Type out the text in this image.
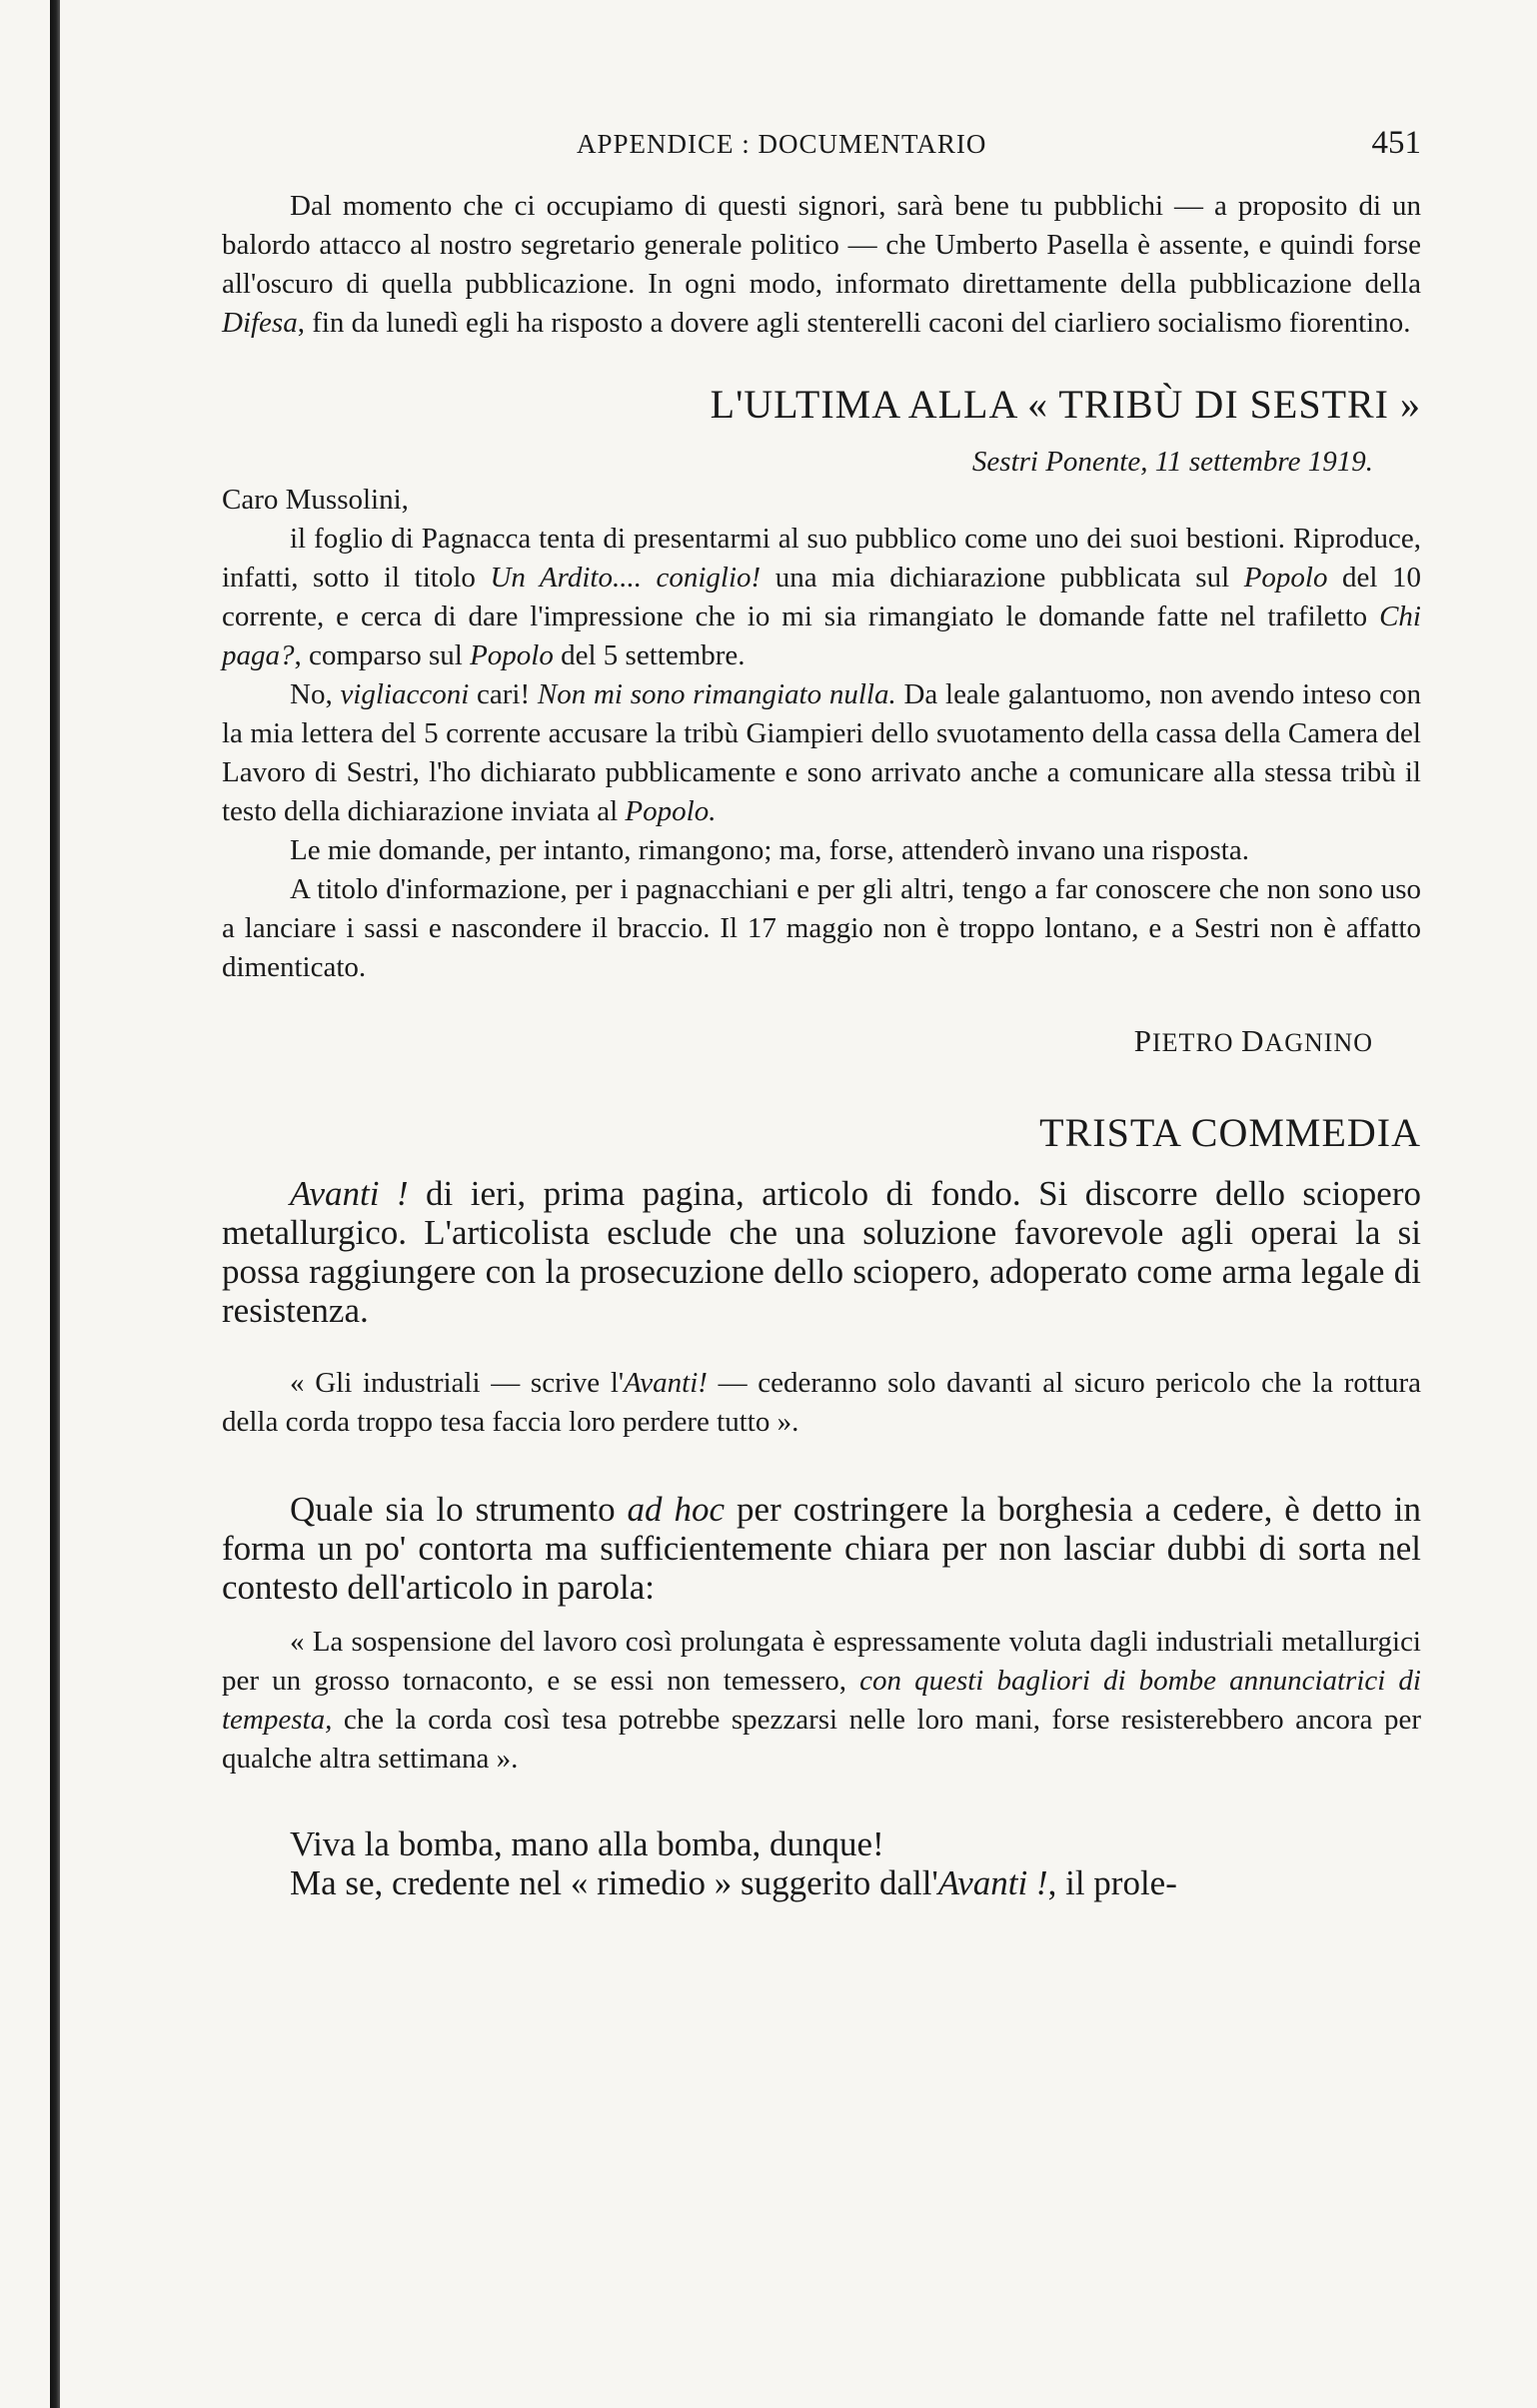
APPENDICE : DOCUMENTARIO	451

Dal momento che ci occupiamo di questi signori, sarà bene tu pubblichi — a proposito di un balordo attacco al nostro segretario generale politico — che Umberto Pasella è assente, e quindi forse all'oscuro di quella pubblicazione. In ogni modo, informato direttamente della pubblicazione della Difesa, fin da lunedì egli ha risposto a dovere agli stenterelli caconi del ciarliero socialismo fiorentino.

L'ULTIMA ALLA « TRIBÙ DI SESTRI »
Sestri Ponente, 11 settembre 1919.
Caro Mussolini,

il foglio di Pagnacca tenta di presentarmi al suo pubblico come uno dei suoi bestioni. Riproduce, infatti, sotto il titolo Un Ardito.... coniglio! una mia dichiarazione pubblicata sul Popolo del 10 corrente, e cerca di dare l'impressione che io mi sia rimangiato le domande fatte nel trafiletto Chi paga?, comparso sul Popolo del 5 settembre.

No, vigliacconi cari! Non mi sono rimangiato nulla. Da leale galantuomo, non avendo inteso con la mia lettera del 5 corrente accusare la tribù Giampieri dello svuotamento della cassa della Camera del Lavoro di Sestri, l'ho dichiarato pubblicamente e sono arrivato anche a comunicare alla stessa tribù il testo della dichiarazione inviata al Popolo.

Le mie domande, per intanto, rimangono; ma, forse, attenderò invano una risposta.

A titolo d'informazione, per i pagnacchiani e per gli altri, tengo a far conoscere che non sono uso a lanciare i sassi e nascondere il braccio. Il 17 maggio non è troppo lontano, e a Sestri non è affatto dimenticato.

PIETRO DAGNINO
TRISTA COMMEDIA

Avanti ! di ieri, prima pagina, articolo di fondo. Si discorre dello sciopero metallurgico. L'articolista esclude che una soluzione favorevole agli operai la si possa raggiungere con la prosecuzione dello sciopero, adoperato come arma legale di resistenza.

« Gli industriali — scrive l'Avanti! — cederanno solo davanti al sicuro pericolo che la rottura della corda troppo tesa faccia loro perdere tutto ».

Quale sia lo strumento ad hoc per costringere la borghesia a cedere, è detto in forma un po' contorta ma sufficientemente chiara per non lasciar dubbi di sorta nel contesto dell'articolo in parola:

« La sospensione del lavoro così prolungata è espressamente voluta dagli industriali metallurgici per un grosso tornaconto, e se essi non temessero, con questi bagliori di bombe annunciatrici di tempesta, che la corda così tesa potrebbe spezzarsi nelle loro mani, forse resisterebbero ancora per qualche altra settimana ».

Viva la bomba, mano alla bomba, dunque!

Ma se, credente nel « rimedio » suggerito dall'Avanti !, il prole-
